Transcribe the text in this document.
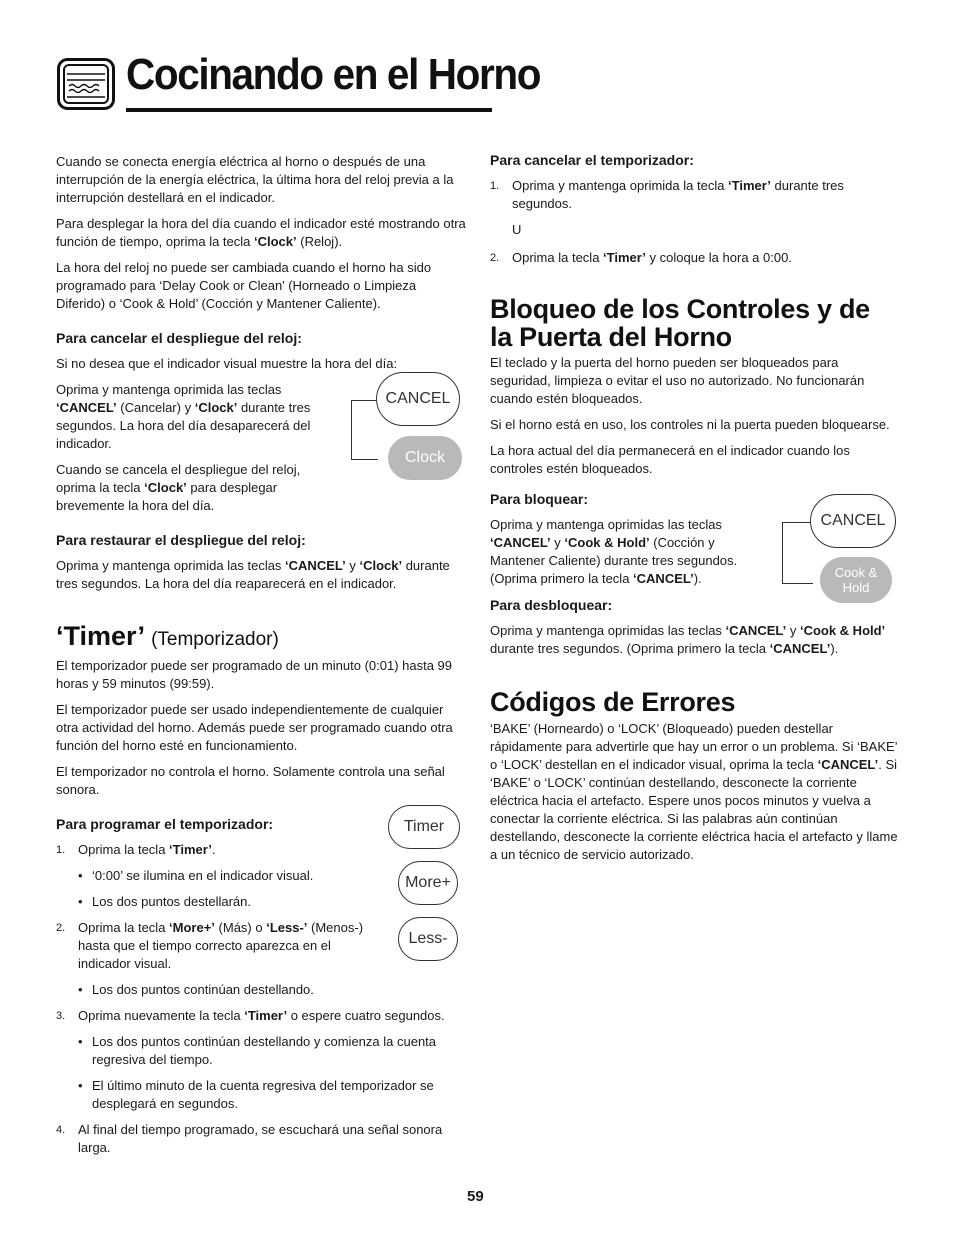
Cocinando en el Horno

Cuando se conecta energía eléctrica al horno o después de una interrupción de la energía eléctrica, la última hora del reloj previa a la interrupción destellará en el indicador.

Para desplegar la hora del día cuando el indicador esté mostrando otra función de tiempo, oprima la tecla ‘Clock’ (Reloj).

La hora del reloj no puede ser cambiada cuando el horno ha sido programado para ‘Delay Cook or Clean’ (Horneado o Limpieza Diferido) o ‘Cook & Hold’ (Cocción y Mantener Caliente).

Para cancelar el despliegue del reloj:

Si no desea que el indicador visual muestre la hora del día:

Oprima y mantenga oprimida las teclas ‘CANCEL’ (Cancelar) y ‘Clock’ durante tres segundos. La hora del día desaparecerá del indicador.

Cuando se cancela el despliegue del reloj, oprima la tecla ‘Clock’ para desplegar brevemente la hora del día.

Para restaurar el despliegue del reloj:

Oprima y mantenga oprimida las teclas ‘CANCEL’ y ‘Clock’ durante tres segundos. La hora del día reaparecerá en el indicador.

‘Timer’ (Temporizador)

El temporizador puede ser programado de un minuto (0:01) hasta 99 horas y 59 minutos (99:59).

El temporizador puede ser usado independientemente de cualquier otra actividad del horno. Además puede ser programado cuando otra función del horno esté en funcionamiento.

El temporizador no controla el horno. Solamente controla una señal sonora.

Para programar el temporizador:
1. Oprima la tecla ‘Timer’.
• ‘0:00’ se ilumina en el indicador visual.
• Los dos puntos destellarán.
2. Oprima la tecla ‘More+’ (Más) o ‘Less-’ (Menos-) hasta que el tiempo correcto aparezca en el indicador visual.
• Los dos puntos continúan destellando.
3. Oprima nuevamente la tecla ‘Timer’ o espere cuatro segundos.
• Los dos puntos continúan destellando y comienza la cuenta regresiva del tiempo.
• El último minuto de la cuenta regresiva del temporizador se desplegará en segundos.
4. Al final del tiempo programado, se escuchará una señal sonora larga.
CANCEL
Clock
Timer
More+
Less-
Para cancelar el temporizador:
1. Oprima y mantenga oprimida la tecla ‘Timer’ durante tres segundos.
U
2. Oprima la tecla ‘Timer’ y coloque la hora a 0:00.
Bloqueo de los Controles y de la Puerta del Horno

El teclado y la puerta del horno pueden ser bloqueados para seguridad, limpieza o evitar el uso no autorizado. No funcionarán cuando estén bloqueados.

Si el horno está en uso, los controles ni la puerta pueden bloquearse.

La hora actual del día permanecerá en el indicador cuando los controles estén bloqueados.

Para bloquear:

Oprima y mantenga oprimidas las teclas ‘CANCEL’ y ‘Cook & Hold’ (Cocción y Mantener Caliente) durante tres segundos. (Oprima primero la tecla ‘CANCEL’).

Para desbloquear:

Oprima y mantenga oprimidas las teclas ‘CANCEL’ y ‘Cook & Hold’ durante tres segundos. (Oprima primero la tecla ‘CANCEL’).

Códigos de Errores

‘BAKE’ (Horneardo) o ‘LOCK’ (Bloqueado) pueden destellar rápidamente para advertirle que hay un error o un problema. Si ‘BAKE’ o ‘LOCK’ destellan en el indicador visual, oprima la tecla ‘CANCEL’. Si ‘BAKE’ o ‘LOCK’ continúan destellando, desconecte la corriente eléctrica hacia el artefacto. Espere unos pocos minutos y vuelva a conectar la corriente eléctrica. Si las palabras aún continúan destellando, desconecte la corriente eléctrica hacia el artefacto y llame a un técnico de servicio autorizado.

CANCEL
Cook &
Hold
59
